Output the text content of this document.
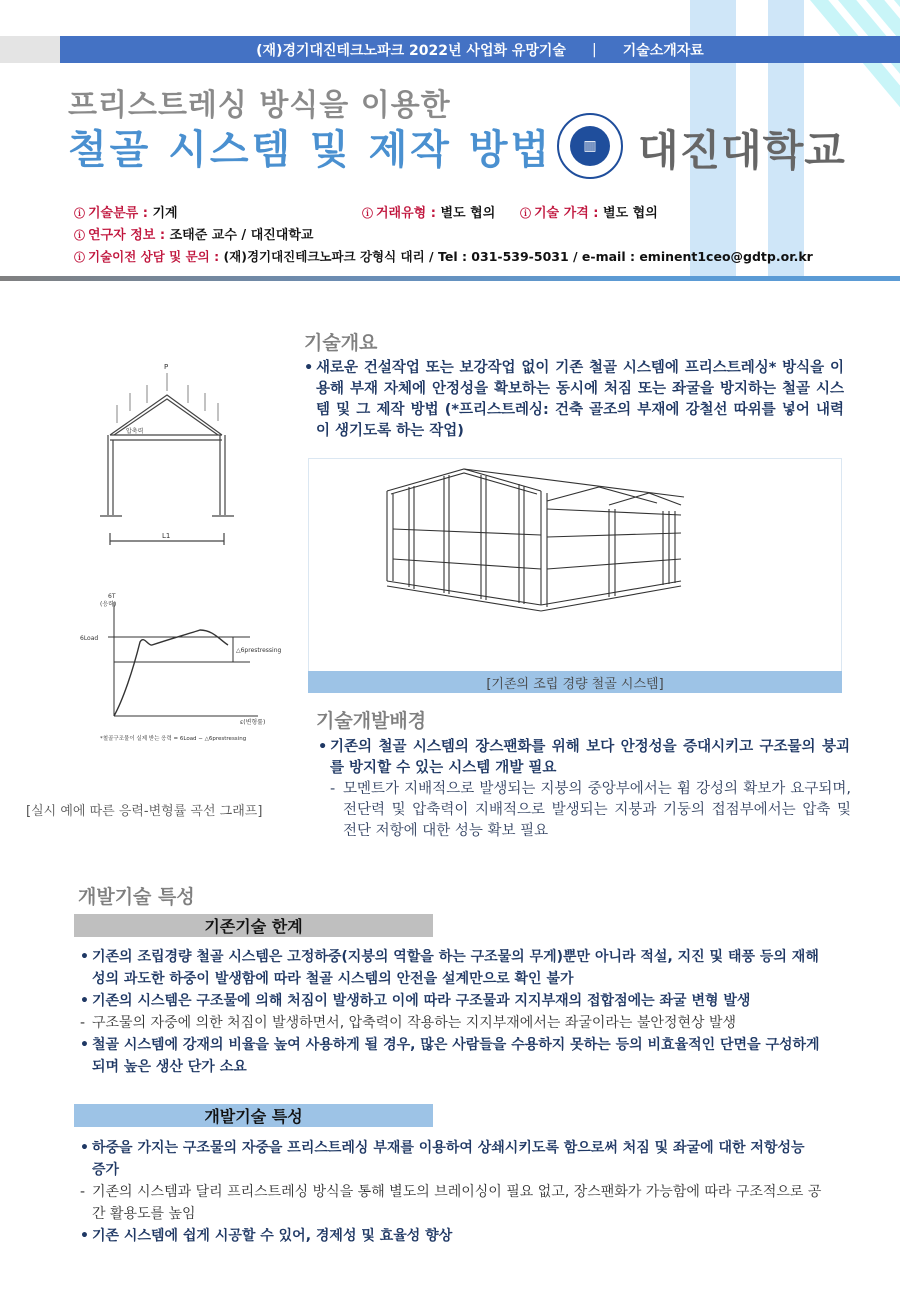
(재)경기대진테크노파크 2022년 사업화 유망기술 | 기술소개자료
프리스트레싱 방식을 이용한
철골 시스템 및 제작 방법	▥ 대진대학교
ⓘ 기술분류 : 기계	ⓘ 거래유형 : 별도 협의 ⓘ 기술 가격 : 별도 협의
ⓘ 연구자 정보 : 조태준 교수 / 대진대학교
ⓘ 기술이전 상담 및 문의 : (재)경기대진테크노파크 강형식 대리 / Tel : 031-539-5031 / e-mail : eminent1ceo@gdtp.or.kr
P
압축력
L1
6T
(응력)
6Load
△6prestressing
ε(변형률)
*철골구조물이 실제 받는 응력 = 6Load − △6prestressing
[실시 예에 따른 응력-변형률 곡선 그래프]
기술개요
• 새로운 건설작업 또는 보강작업 없이 기존 철골 시스템에 프리스트레싱* 방식을 이용해 부재 자체에 안정성을 확보하는 동시에 처짐 또는 좌굴을 방지하는 철골 시스템 및 그 제작 방법 (*프리스트레싱: 건축 골조의 부재에 강철선 따위를 넣어 내력이 생기도록 하는 작업)
[기존의 조립 경량 철골 시스템]
기술개발배경
• 기존의 철골 시스템의 장스팬화를 위해 보다 안정성을 증대시키고 구조물의 붕괴를 방지할 수 있는 시스템 개발 필요
- 모멘트가 지배적으로 발생되는 지붕의 중앙부에서는 휨 강성의 확보가 요구되며, 전단력 및 압축력이 지배적으로 발생되는 지붕과 기둥의 접점부에서는 압축 및 전단 저항에 대한 성능 확보 필요
개발기술 특성
기존기술 한계
• 기존의 조립경량 철골 시스템은 고정하중(지붕의 역할을 하는 구조물의 무게)뿐만 아니라 적설, 지진 및 태풍 등의 재해성의 과도한 하중이 발생함에 따라 철골 시스템의 안전을 설계만으로 확인 불가
• 기존의 시스템은 구조물에 의해 처짐이 발생하고 이에 따라 구조물과 지지부재의 접합점에는 좌굴 변형 발생
- 구조물의 자중에 의한 처짐이 발생하면서, 압축력이 작용하는 지지부재에서는 좌굴이라는 불안정현상 발생
• 철골 시스템에 강재의 비율을 높여 사용하게 될 경우, 많은 사람들을 수용하지 못하는 등의 비효율적인 단면을 구성하게 되며 높은 생산 단가 소요
개발기술 특성
• 하중을 가지는 구조물의 자중을 프리스트레싱 부재를 이용하여 상쇄시키도록 함으로써 처짐 및 좌굴에 대한 저항성능 증가
- 기존의 시스템과 달리 프리스트레싱 방식을 통해 별도의 브레이싱이 필요 없고, 장스팬화가 가능함에 따라 구조적으로 공간 활용도를 높임
• 기존 시스템에 쉽게 시공할 수 있어, 경제성 및 효율성 향상
